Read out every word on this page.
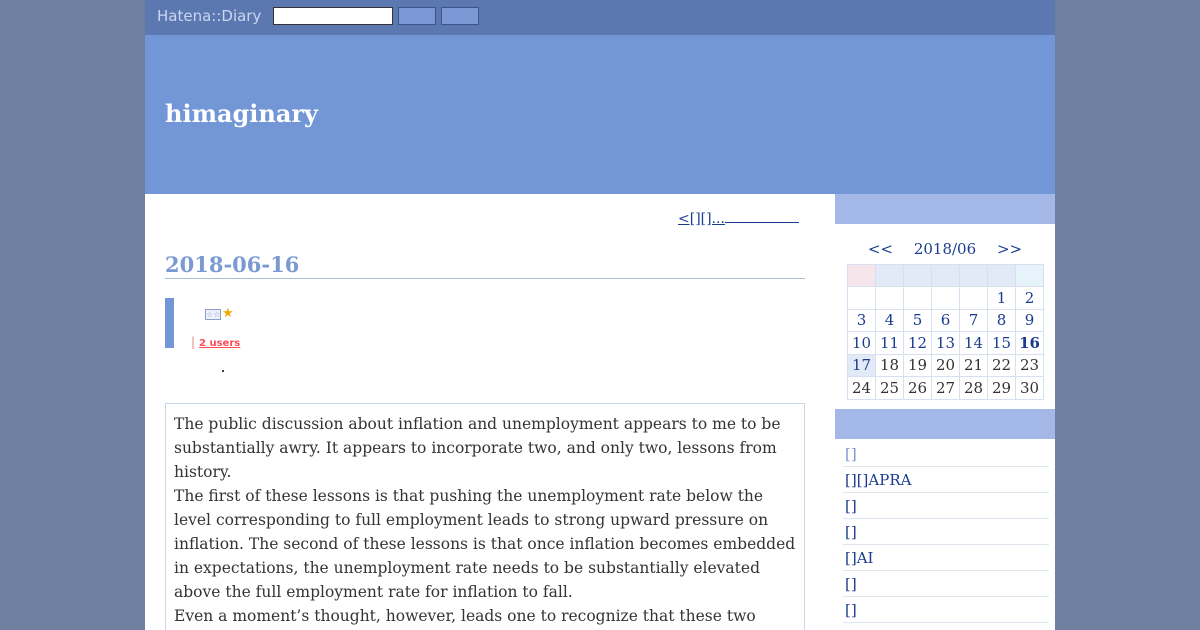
Hatena::Diary
himaginary
<[][]...
2018-06-16
☆☆ ★
| 2 users

The public discussion about inflation and unemployment appears to me to be substantially awry. It appears to incorporate two, and only two, lessons from history.

The first of these lessons is that pushing the unemployment rate below the level corresponding to full employment leads to strong upward pressure on inflation. The second of these lessons is that once inflation becomes embedded in expectations, the unemployment rate needs to be substantially elevated above the full employment rate for inflation to fall.

Even a moment’s thought, however, leads one to recognize that these two

<< 2018/06 >>

					1	2
3	4	5	6	7	8	9
10	11	12	13	14	15	16
17	18	19	20	21	22	23
24	25	26	27	28	29	30
[]
[][]APRA
[]
[]
[]AI
[]
[]
